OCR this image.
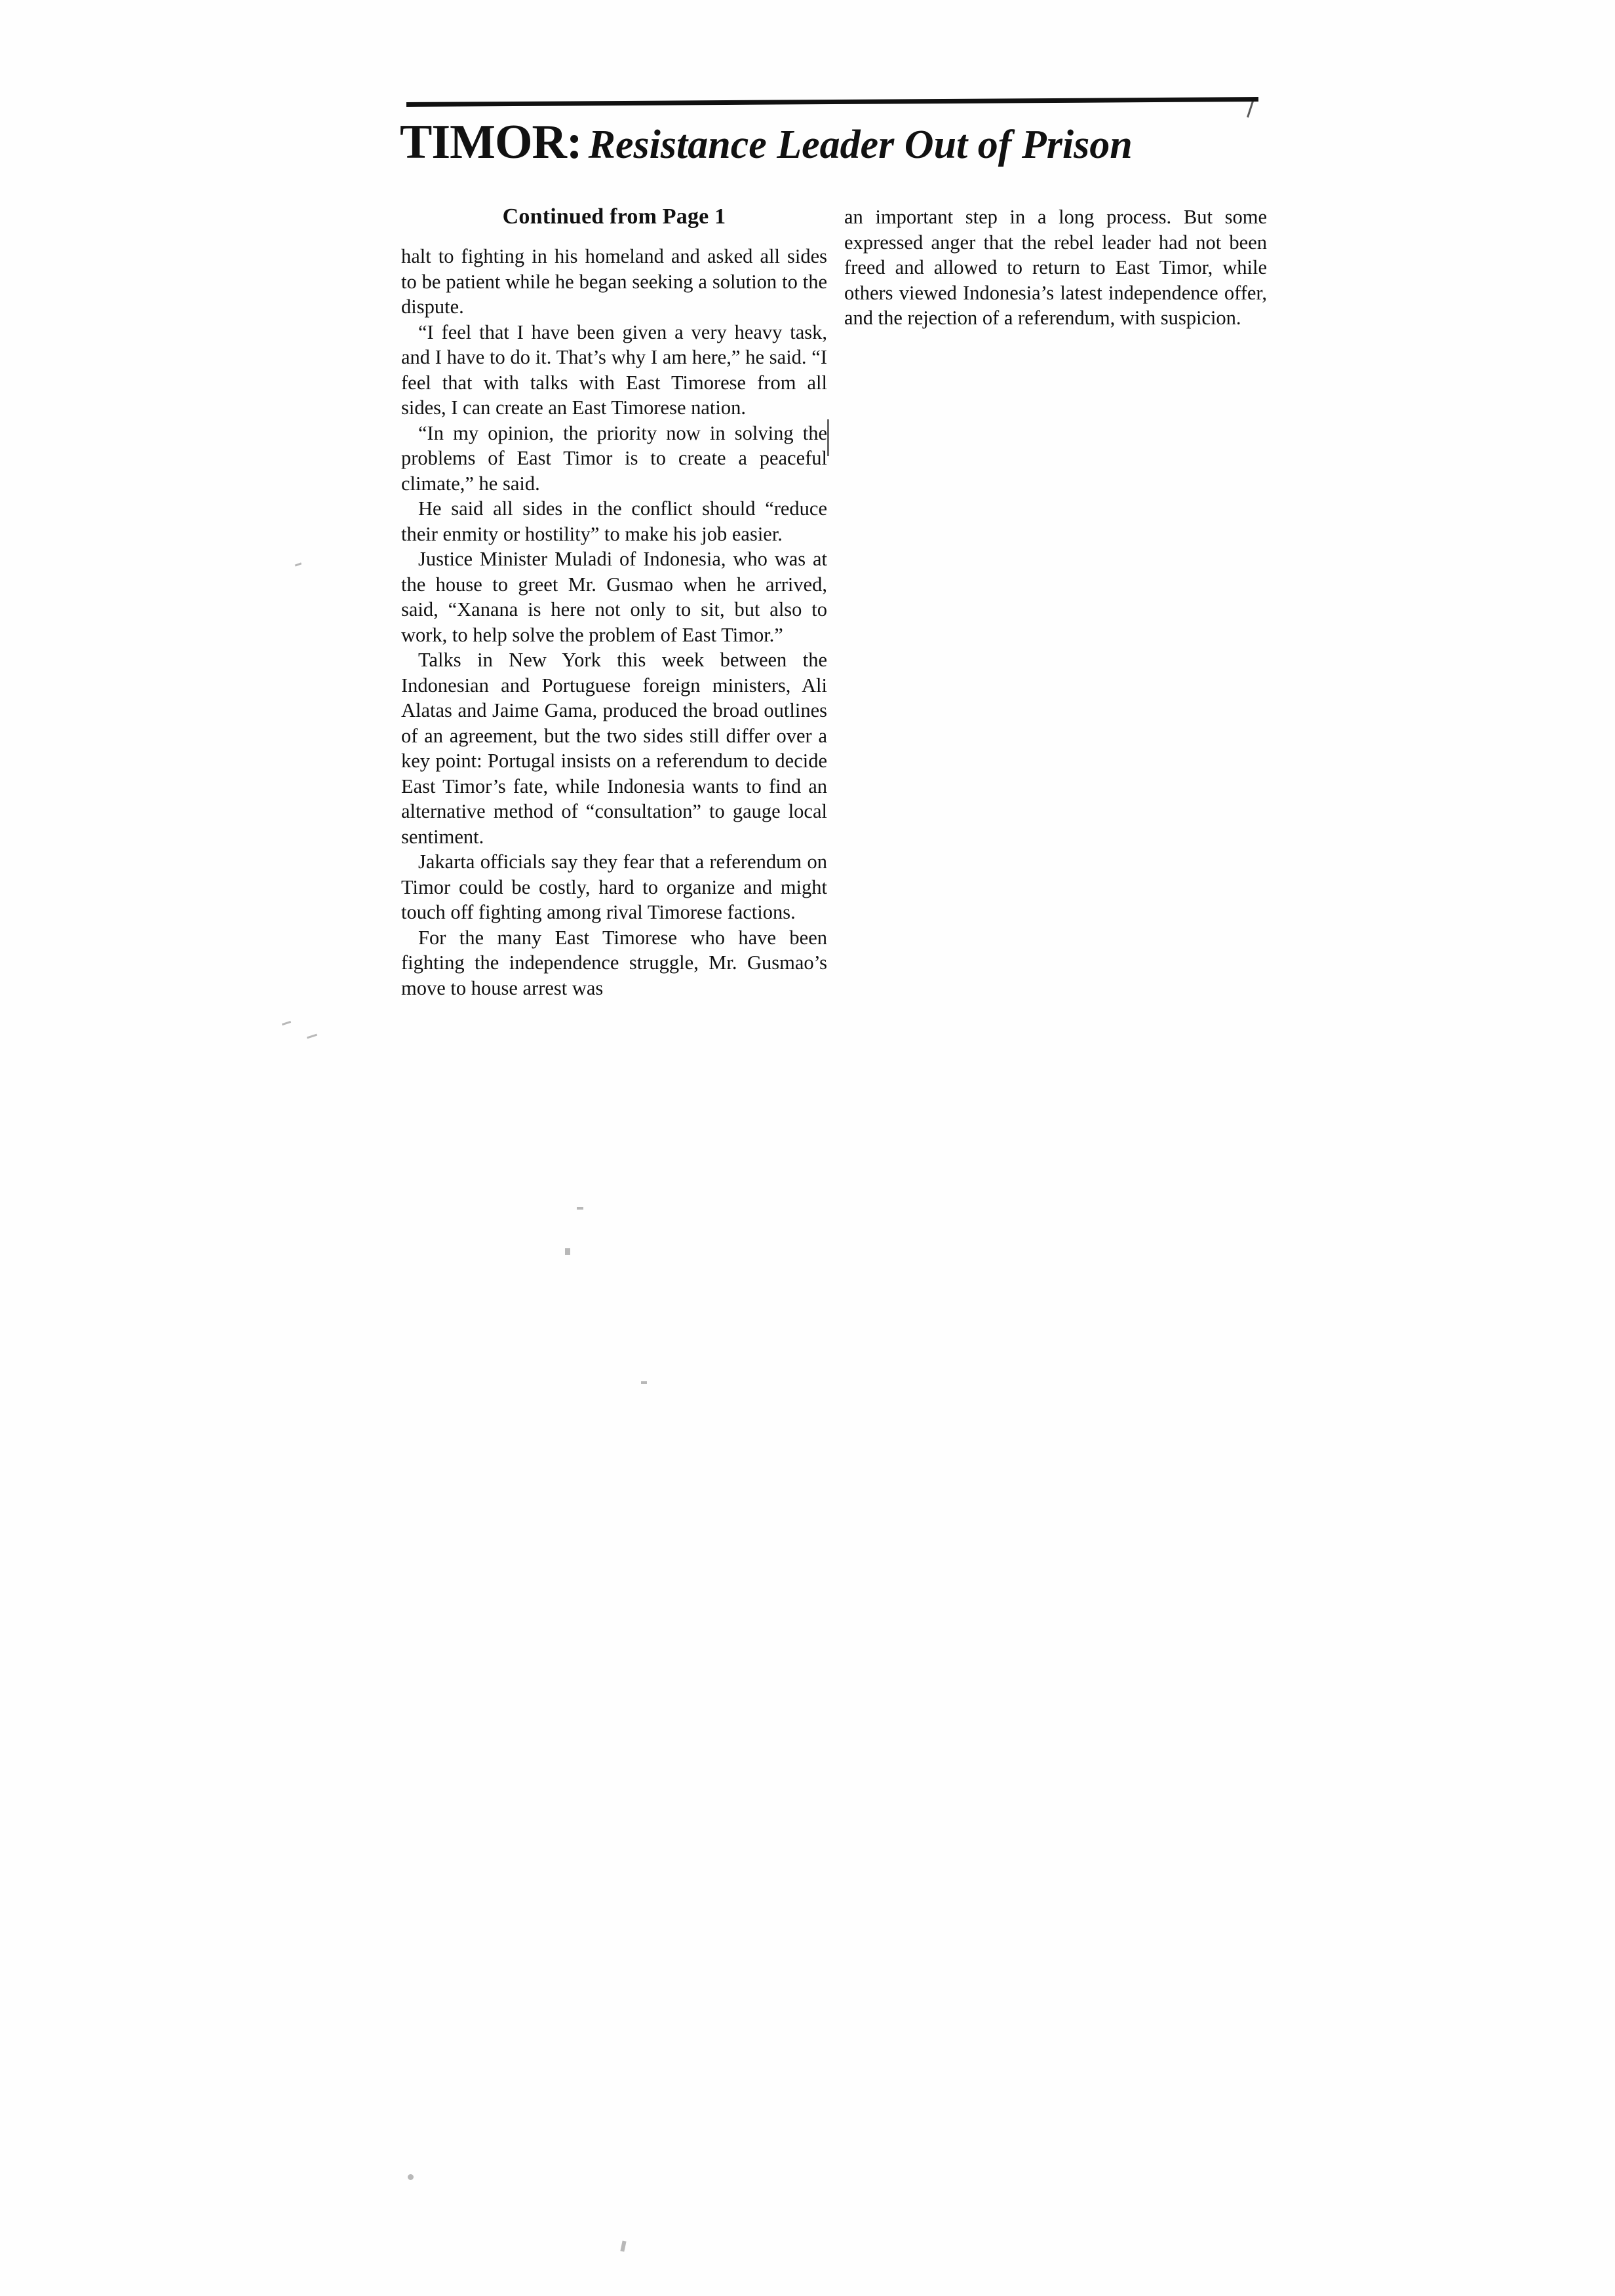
TIMOR: Resistance Leader Out of Prison
Continued from Page 1

halt to fighting in his homeland and asked all sides to be patient while he began seeking a solution to the dispute.

“I feel that I have been given a very heavy task, and I have to do it. That’s why I am here,” he said. “I feel that with talks with East Timorese from all sides, I can create an East Timorese nation.

“In my opinion, the priority now in solving the problems of East Timor is to create a peaceful climate,” he said.

He said all sides in the conflict should “reduce their enmity or hostility” to make his job easier.

Justice Minister Muladi of Indonesia, who was at the house to greet Mr. Gusmao when he arrived, said, “Xanana is here not only to sit, but also to work, to help solve the problem of East Timor.”

Talks in New York this week between the Indonesian and Portuguese foreign ministers, Ali Alatas and Jaime Gama, produced the broad outlines of an agreement, but the two sides still differ over a key point: Portugal insists on a referendum to decide East Timor’s fate, while Indonesia wants to find an alternative method of “consultation” to gauge local sentiment.

Jakarta officials say they fear that a referendum on Timor could be costly, hard to organize and might touch off fighting among rival Timorese factions.

For the many East Timorese who have been fighting the independence struggle, Mr. Gusmao’s move to house arrest was

an important step in a long process. But some expressed anger that the rebel leader had not been freed and allowed to return to East Timor, while others viewed Indonesia’s latest independence offer, and the rejection of a referendum, with suspicion.
